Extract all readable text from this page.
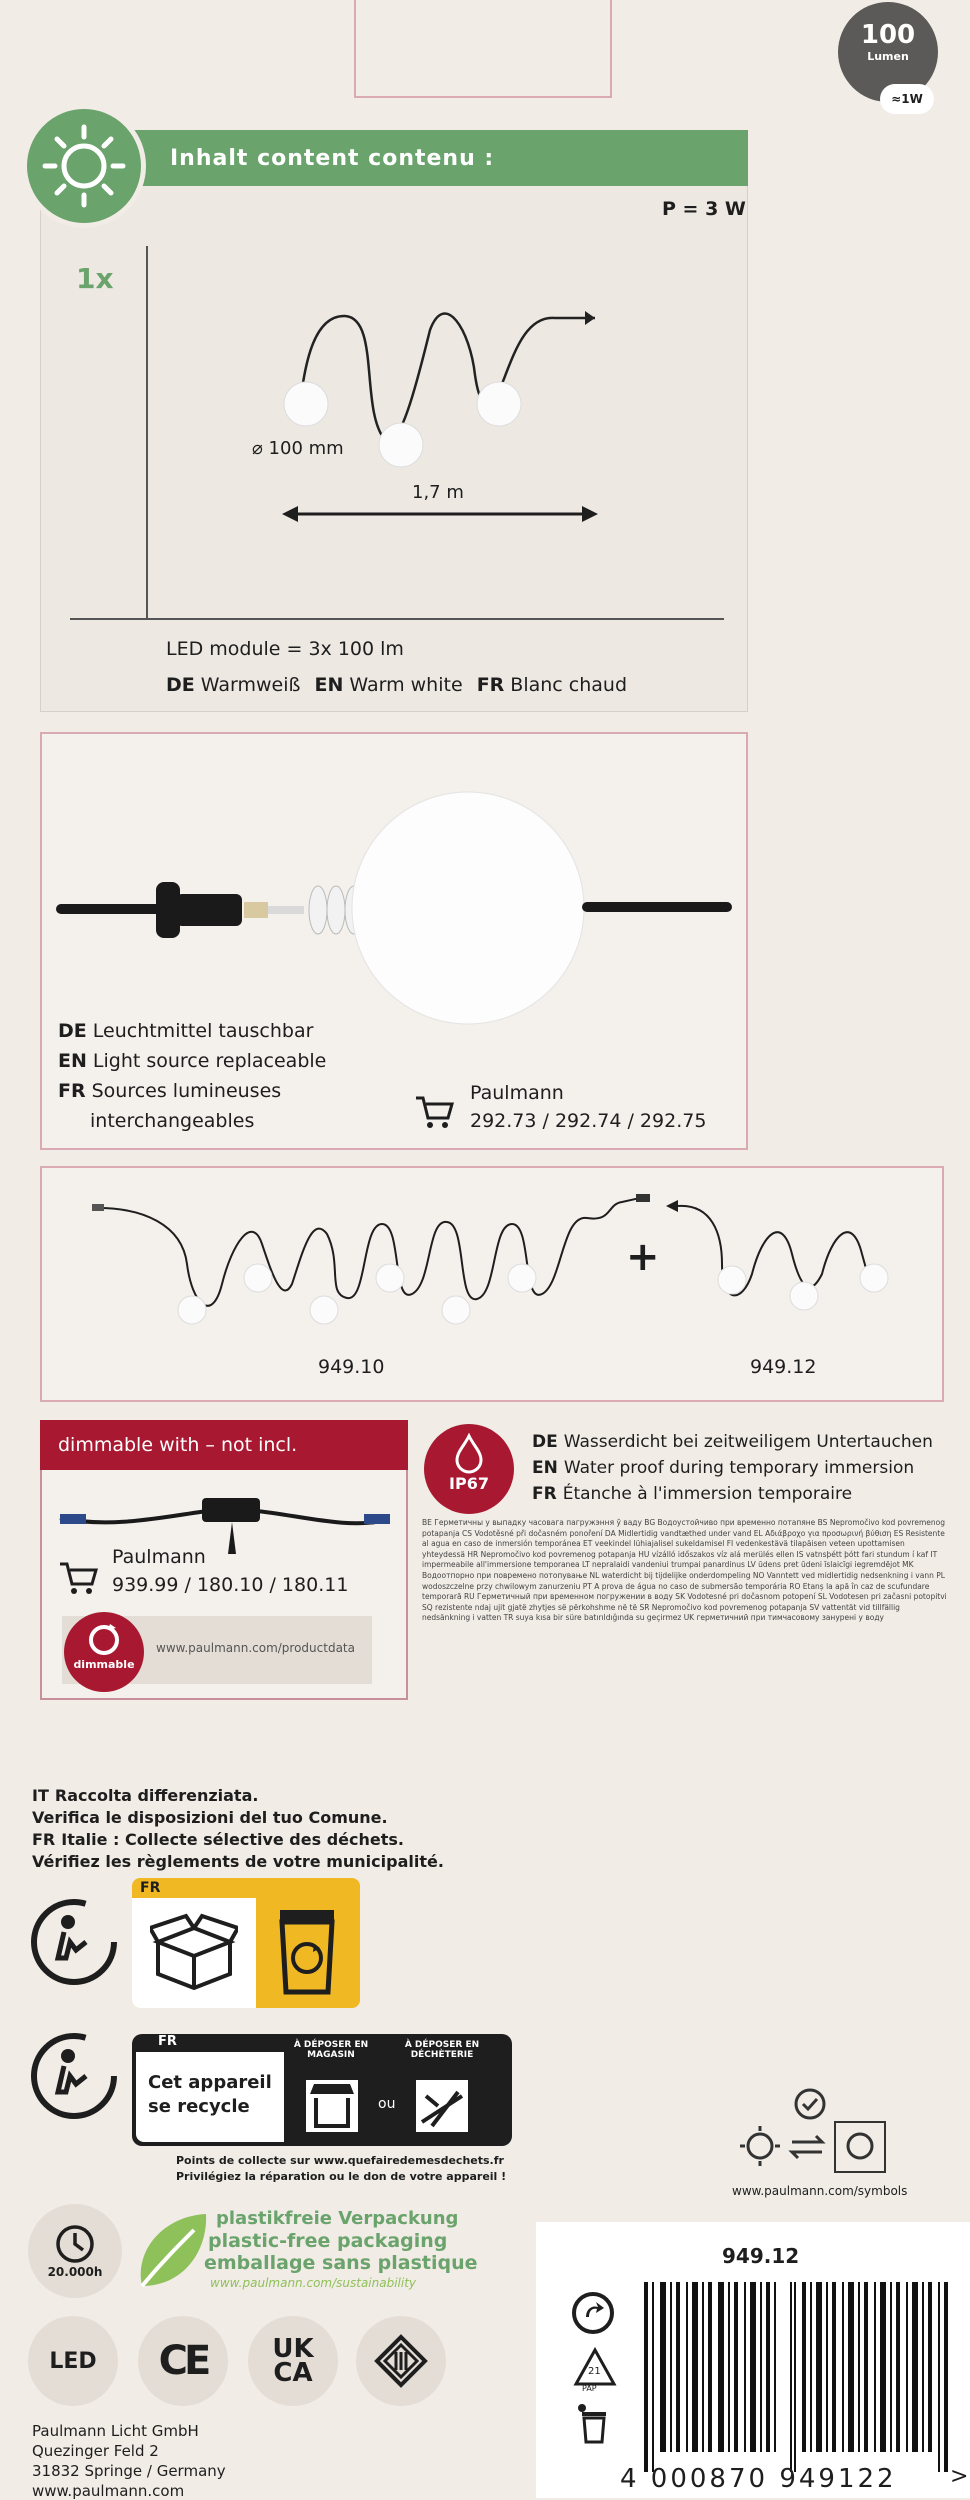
100
Lumen
≈1W
Inhalt content contenu :
P = 3 W
1x
⌀ 100 mm
1,7 m
LED module = 3x 100 lm
DE Warmweiß EN Warm white FR Blanc chaud
DE Leuchtmittel tauschbar
EN Light source replaceable
FR Sources lumineuses
interchangeables
Paulmann
292.73 / 292.74 / 292.75
+
949.10	949.12
dimmable with – not incl.
Paulmann
939.99 / 180.10 / 180.11
dimmable
www.paulmann.com/productdata
IP67
DE Wasserdicht bei zeitweiligem Untertauchen
EN Water proof during temporary immersion
FR Étanche à l'immersion temporaire
BE Герметичны у выпадку часовага пагружэння ў ваду BG Водоустойчиво при временно потапяне BS Nepromočivo kod povremenog potapanja CS Vodotěsné při dočasném ponoření DA Midlertidig vandtæthed under vand EL Αδιάβροχο για προσωρινή βύθιση ES Resistente al agua en caso de inmersión temporánea ET veekindel lühiajalisel sukeldamisel FI vedenkestävä tilapäisen veteen upottamisen yhteydessä HR Nepromočivo kod povremenog potapanja HU vízálló időszakos víz alá merülés ellen IS vatnsþétt þótt fari stundum í kaf IT impermeabile all'immersione temporanea LT nepralaidi vandeniui trumpai panardinus LV ūdens pret ūdeni īslaicīgi iegremdējot MK Водоотпорно при повремено потопување NL waterdicht bij tijdelijke onderdompeling NO Vanntett ved midlertidig nedsenkning i vann PL wodoszczelne przy chwilowym zanurzeniu PT A prova de água no caso de submersão temporária RO Etanș la apă în caz de scufundare temporară RU Герметичный при временном погружении в воду SK Vodotesné pri dočasnom potopení SL Vodotesen pri začasni potopitvi SQ rezistente ndaj ujit gjatë zhytjes së përkohshme në të SR Nepromočivo kod povremenog potapanja SV vattentät vid tillfällig nedsänkning i vatten TR suya kısa bir süre batırıldığında su geçirmez UK герметичний при тимчасовому занурені у воду
IT Raccolta differenziata.
Verifica le disposizioni del tuo Comune.
FR Italie : Collecte sélective des déchets.
Vérifiez les règlements de votre municipalité.
FR
FR
Cet appareil
se recycle
À DÉPOSER EN MAGASIN
À DÉPOSER EN DÉCHÈTERIE
ou
Points de collecte sur www.quefairedemesdechets.fr
Privilégiez la réparation ou le don de votre appareil !
www.paulmann.com/symbols
20.000h
plastikfreie Verpackung
plastic-free packaging
emballage sans plastique
www.paulmann.com/sustainability
LED	CE	UK
CA
Paulmann Licht GmbH
Quezinger Feld 2
31832 Springe / Germany
www.paulmann.com
949.12
21
PAP
4 000870 949122 >
